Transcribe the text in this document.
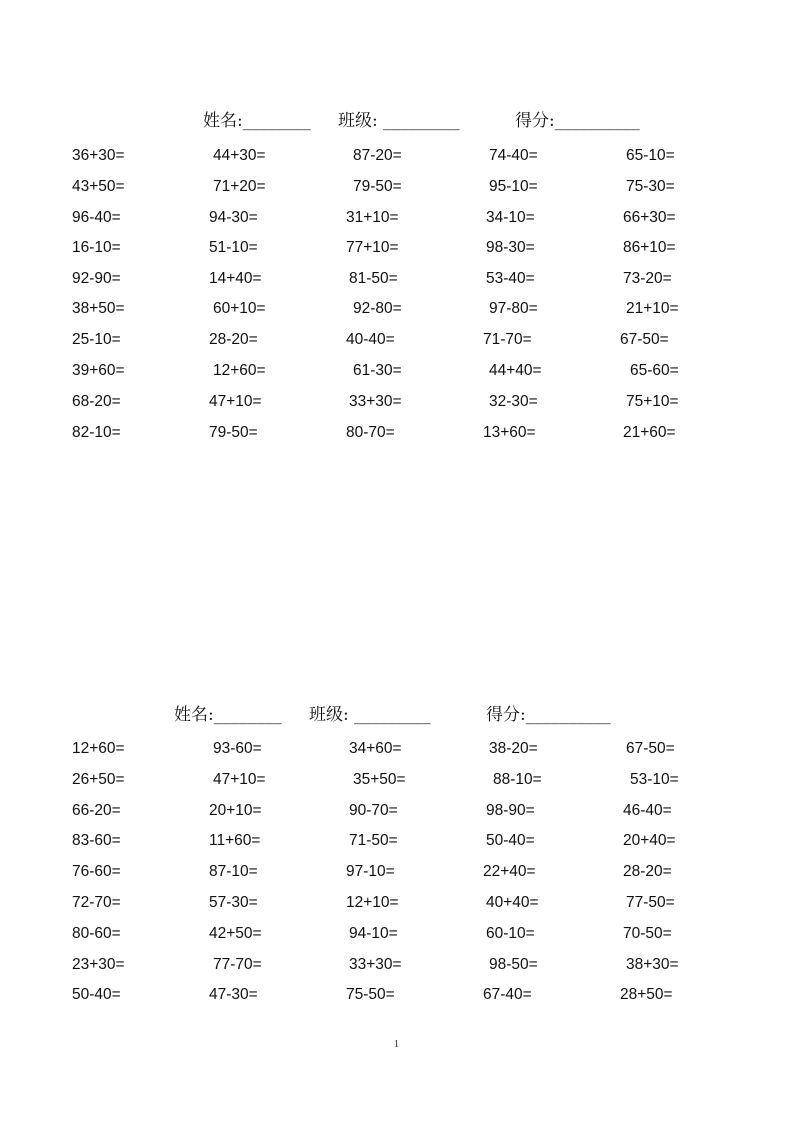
姓名:________ 班级: _________	得分:__________
36+30=	44+30=	87-20=	74-40=	65-10=
43+50=	71+20=	79-50=	95-10=	75-30=
96-40=	94-30=	31+10=	34-10=	66+30=
16-10=	51-10=	77+10=	98-30=	86+10=
92-90=	14+40=	81-50=	53-40=	73-20=
38+50=	60+10=	92-80=	97-80=	21+10=
25-10=	28-20=	40-40=	71-70=	67-50=
39+60=	12+60=	61-30=	44+40=	65-60=
68-20=	47+10=	33+30=	32-30=	75+10=
82-10=	79-50=	80-70=	13+60=	21+60=
姓名:________ 班级: _________	得分:__________
12+60=	93-60=	34+60=	38-20=	67-50=
26+50=	47+10=	35+50=	88-10=	53-10=
66-20=	20+10=	90-70=	98-90=	46-40=
83-60=	11+60=	71-50=	50-40=	20+40=
76-60=	87-10=	97-10=	22+40=	28-20=
72-70=	57-30=	12+10=	40+40=	77-50=
80-60=	42+50=	94-10=	60-10=	70-50=
23+30=	77-70=	33+30=	98-50=	38+30=
50-40=	47-30=	75-50=	67-40=	28+50=
1
